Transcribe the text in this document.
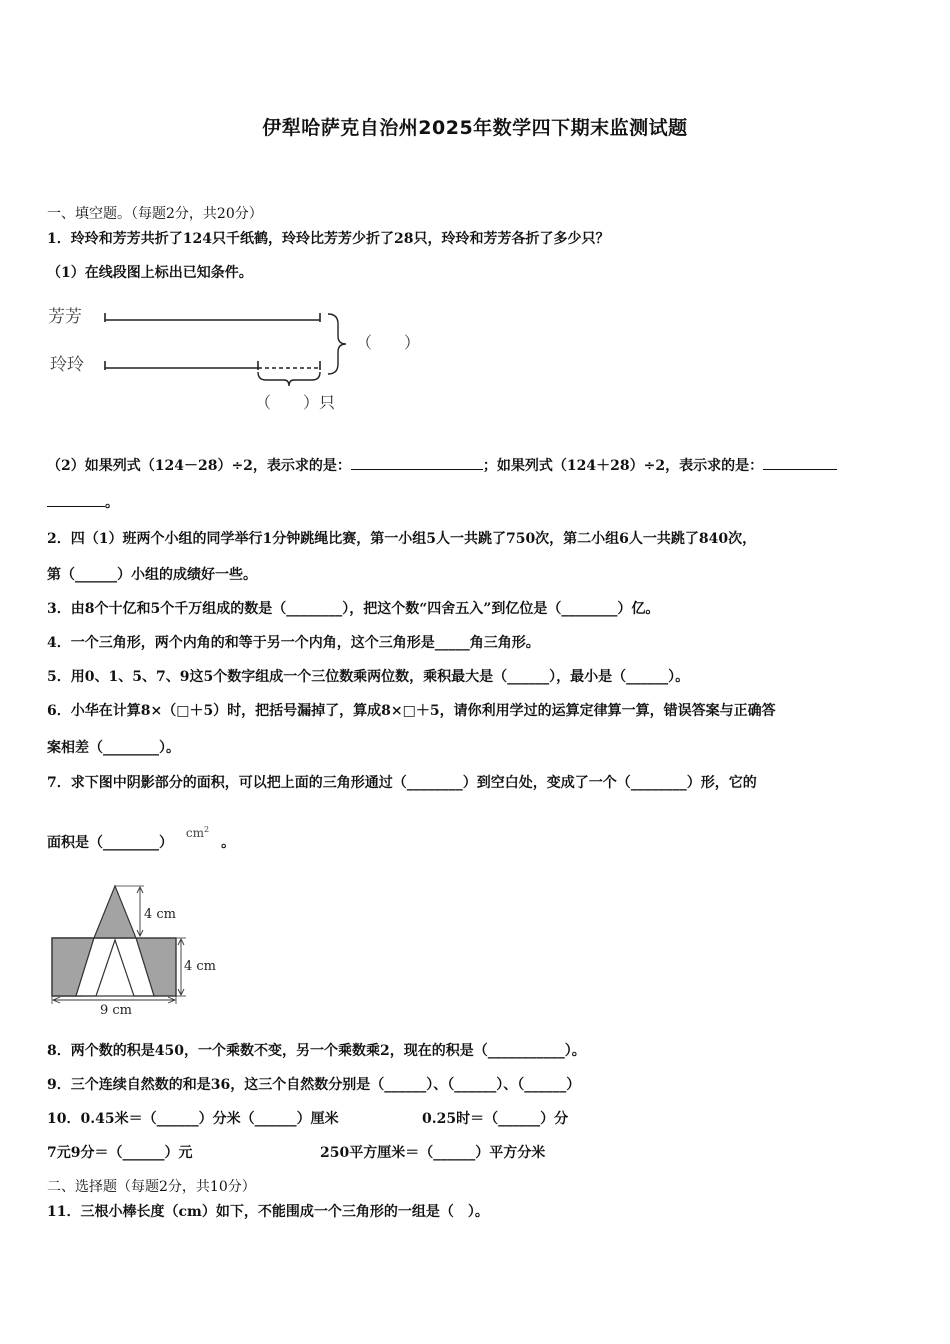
伊犁哈萨克自治州2025年数学四下期末监测试题
一、填空题。（每题2分，共20分）
1．玲玲和芳芳共折了124只千纸鹤，玲玲比芳芳少折了28只，玲玲和芳芳各折了多少只？
（1）在线段图上标出已知条件。
芳芳
玲玲
（　　）
（　　）只
（2）如果列式（124－28）÷2，表示求的是：	；如果列式（124＋28）÷2，表示求的是：
。
2．四（1）班两个小组的同学举行1分钟跳绳比赛，第一小组5人一共跳了750次，第二小组6人一共跳了840次，
第（______）小组的成绩好一些。
3．由8个十亿和5个千万组成的数是（________），把这个数“四舍五入”到亿位是（________）亿。
4．一个三角形，两个内角的和等于另一个内角，这个三角形是_____角三角形。
5．用0、1、5、7、9这5个数字组成一个三位数乘两位数，乘积最大是（______），最小是（______）。
6．小华在计算8×（□＋5）时，把括号漏掉了，算成8×□＋5，请你利用学过的运算定律算一算，错误答案与正确答
案相差（________）。
7．求下图中阴影部分的面积，可以把上面的三角形通过（________）到空白处，变成了一个（________）形，它的
面积是（________） $cm^2$。
4 cm
4 cm
9 cm
8．两个数的积是450，一个乘数不变，另一个乘数乘2，现在的积是（___________）。
9．三个连续自然数的和是36，这三个自然数分别是（______）、（______）、（______）
10．0.45米＝（______）分米（______）厘米	0.25时＝（______）分
7元9分＝（______）元	250平方厘米＝（______）平方分米
二、选择题（每题2分，共10分）
11．三根小棒长度（cm）如下，不能围成一个三角形的一组是（　）。
